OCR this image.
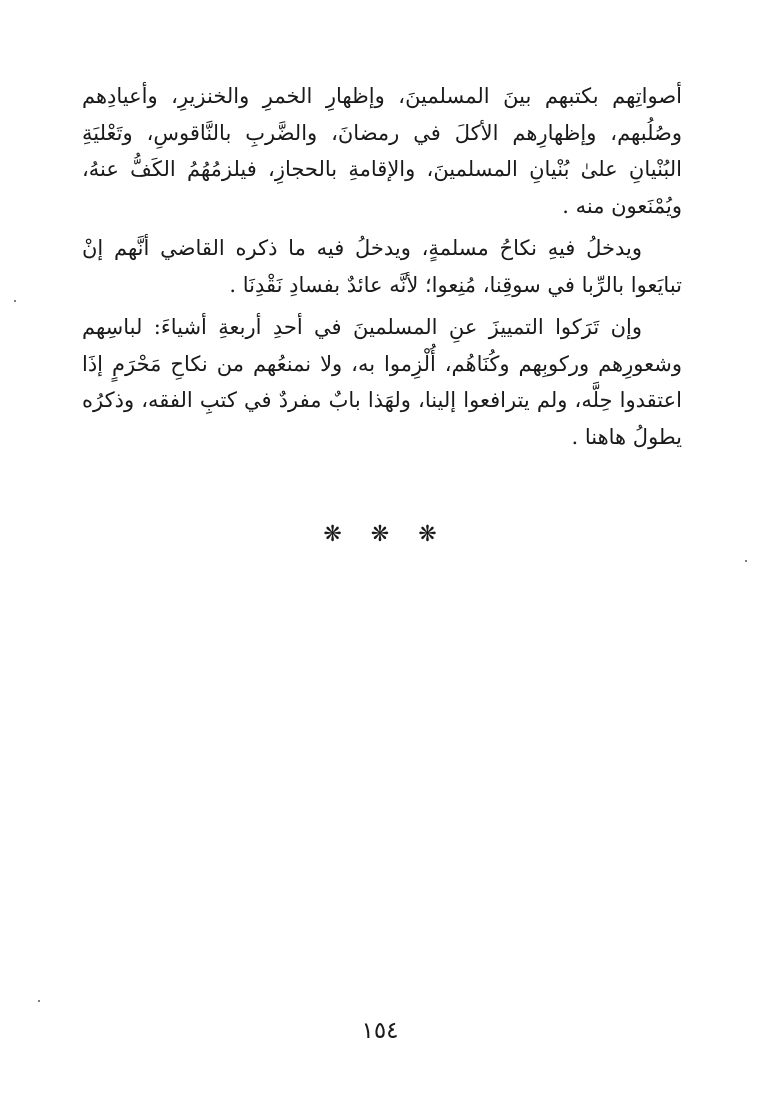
أصواتِهم بكتبهم بينَ المسلمينَ، وإظهارِ الخمرِ والخنزيرِ، وأعيادِهم وصُلُبهم، وإظهارِهم الأكلَ في رمضانَ، والضَّربِ بالنَّاقوسِ، وتَعْليَةِ البُنْيانِ علىٰ بُنْيانِ المسلمينَ، والإقامةِ بالحجازِ، فيلزمُهُمُ الكَفُّ عنهُ، ويُمْنَعون منه .

ويدخلُ فيهِ نكاحُ مسلمةٍ، ويدخلُ فيه ما ذكره القاضي أنَّهم إنْ تبايَعوا بالرِّبا في سوقِنا، مُنِعوا؛ لأنَّه عائدٌ بفسادِ نَقْدِنَا .

وإن تَرَكوا التمييزَ عنِ المسلمينَ في أحدِ أربعةِ أشياءَ: لباسِهم وشعورِهم وركوبِهم وكُنَاهُم، أُلْزِموا به، ولا نمنعُهم من نكاحِ مَحْرَمٍ إذَا اعتقدوا حِلَّه، ولم يترافعوا إلينا، ولهَذا بابٌ مفردٌ في كتبِ الفقه، وذكرُه يطولُ هاهنا .

❋ ❋ ❋
١٥٤
